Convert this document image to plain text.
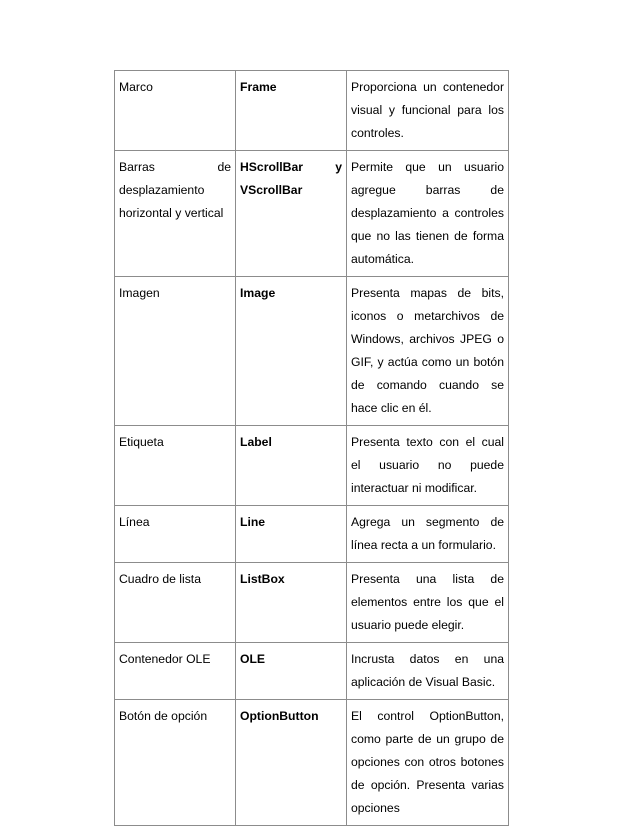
Marco	Frame	Proporciona un contenedor visual y funcional para los controles.
Barras de desplazamiento horizontal y vertical	HScrollBar y VScrollBar	Permite que un usuario agregue barras de desplazamiento a controles que no las tienen de forma automática.
Imagen	Image	Presenta mapas de bits, iconos o metarchivos de Windows, archivos JPEG o GIF, y actúa como un botón de comando cuando se hace clic en él.
Etiqueta	Label	Presenta texto con el cual el usuario no puede interactuar ni modificar.
Línea	Line	Agrega un segmento de línea recta a un formulario.
Cuadro de lista	ListBox	Presenta una lista de elementos entre los que el usuario puede elegir.
Contenedor OLE	OLE	Incrusta datos en una aplicación de Visual Basic.
Botón de opción	OptionButton	El control OptionButton, como parte de un grupo de opciones con otros botones de opción. Presenta varias opciones
